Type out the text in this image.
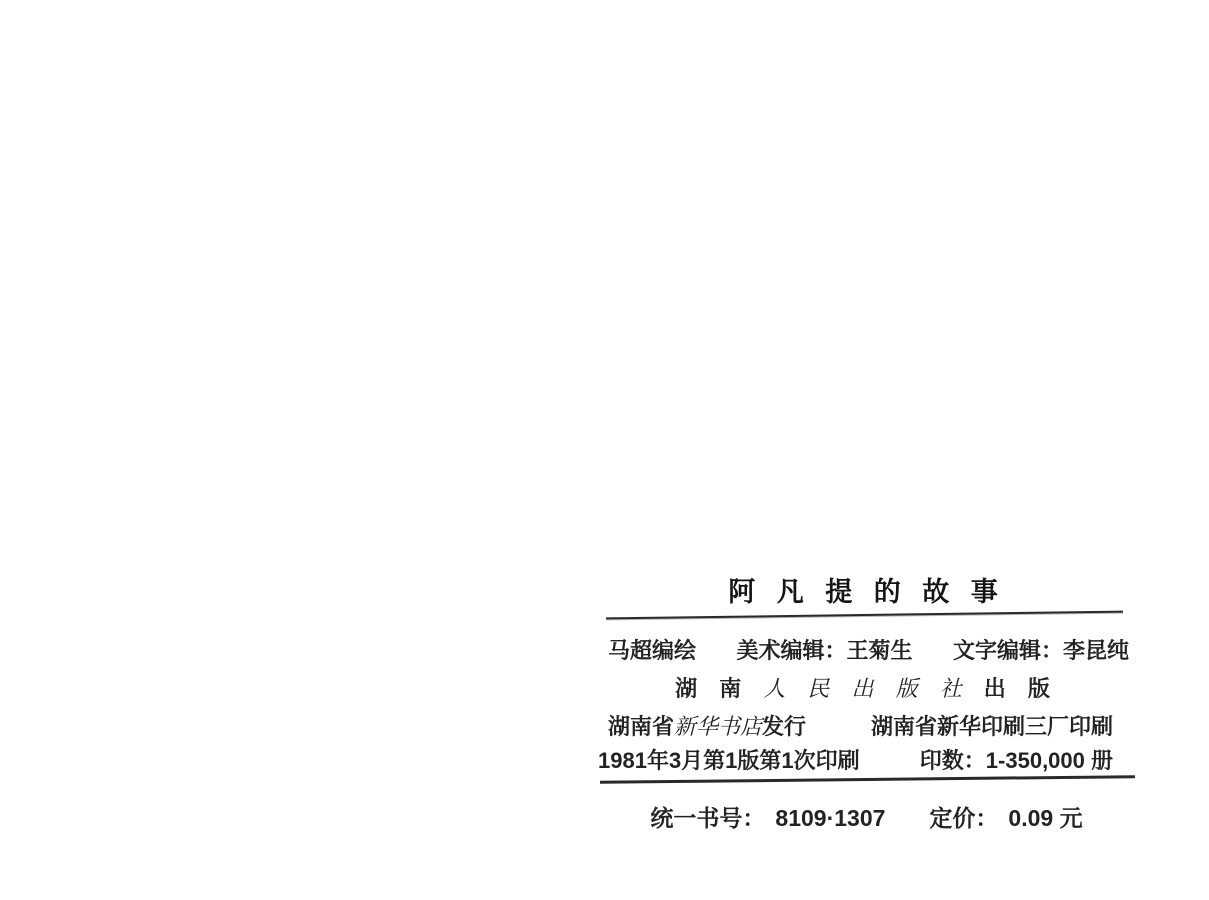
阿 凡 提 的 故 事
马超编绘 美术编辑：王菊生 文字编辑：李昆纯
湖 南 人 民 出 版 社 出 版
湖南省新华书店发行	湖南省新华印刷三厂印刷
1981年3月第1版第1次印刷	印数：1-350,000 册
统一书号： 8109·1307 定价： 0.09 元
